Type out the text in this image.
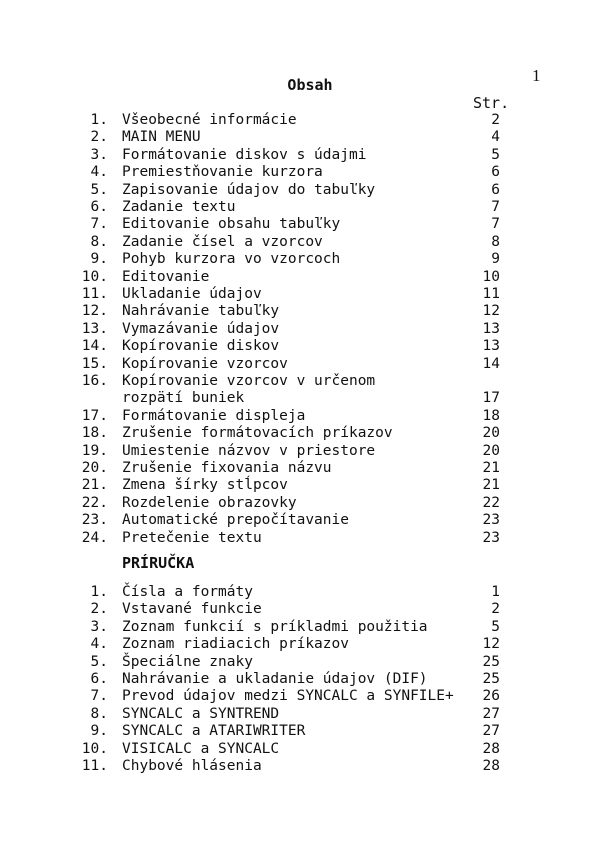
1
Obsah
Str.
1. Všeobecné informácie	2
2. MAIN MENU	4
3. Formátovanie diskov s údajmi	5
4. Premiestňovanie kurzora	6
5. Zapisovanie údajov do tabuľky	6
6. Zadanie textu	7
7. Editovanie obsahu tabuľky	7
8. Zadanie čísel a vzorcov	8
9. Pohyb kurzora vo vzorcoch	9
10. Editovanie	10
11. Ukladanie údajov	11
12. Nahrávanie tabuľky	12
13. Vymazávanie údajov	13
14. Kopírovanie diskov	13
15. Kopírovanie vzorcov	14
16. Kopírovanie vzorcov v určenom
rozpätí buniek	17
17. Formátovanie displeja	18
18. Zrušenie formátovacích príkazov	20
19. Umiestenie názvov v priestore	20
20. Zrušenie fixovania názvu	21
21. Zmena šírky stĺpcov	21
22. Rozdelenie obrazovky	22
23. Automatické prepočítavanie	23
24. Pretečenie textu	23
PRÍRUČKA
1. Čísla a formáty	1
2. Vstavané funkcie	2
3. Zoznam funkcií s príkladmi použitia	5
4. Zoznam riadiacich príkazov	12
5. Špeciálne znaky	25
6. Nahrávanie a ukladanie údajov (DIF)	25
7. Prevod údajov medzi SYNCALC a SYNFILE+	26
8. SYNCALC a SYNTREND	27
9. SYNCALC a ATARIWRITER	27
10. VISICALC a SYNCALC	28
11. Chybové hlásenia	28
